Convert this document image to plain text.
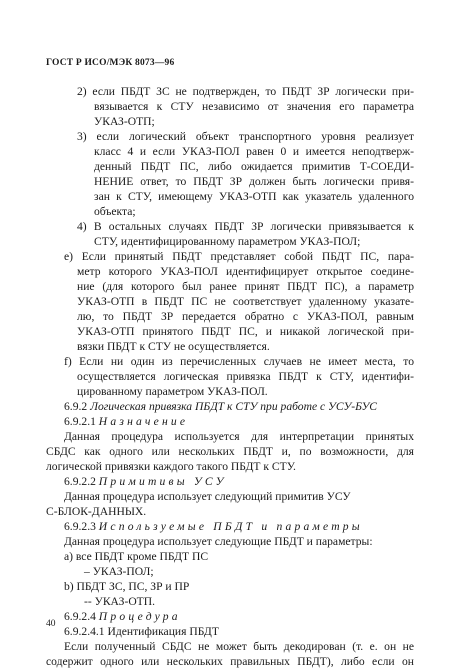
ГОСТ Р ИСО/МЭК 8073—96
2) если ПБДТ ЗС не подтвержден, то ПБДТ ЗР логически при-
вязывается к СТУ независимо от значения его параметра
УКАЗ-ОТП;
3) если логический объект транспортного уровня реализует
класс 4 и если УКАЗ-ПОЛ равен 0 и имеется неподтверж-
денный ПБДТ ПС, либо ожидается примитив Т-СОЕДИ-
НЕНИЕ ответ, то ПБДТ ЗР должен быть логически привя-
зан к СТУ, имеющему УКАЗ-ОТП как указатель удаленного
объекта;
4) В остальных случаях ПБДТ ЗР логически привязывается к
СТУ, идентифицированному параметром УКАЗ-ПОЛ;
e) Если принятый ПБДТ представляет собой ПБДТ ПС, пара-
метр которого УКАЗ-ПОЛ идентифицирует открытое соедине-
ние (для которого был ранее принят ПБДТ ПС), а параметр
УКАЗ-ОТП в ПБДТ ПС не соответствует удаленному указате-
лю, то ПБДТ ЗР передается обратно с УКАЗ-ПОЛ, равным
УКАЗ-ОТП принятого ПБДТ ПС, и никакой логической при-
вязки ПБДТ к СТУ не осуществляется.
f) Если ни один из перечисленных случаев не имеет места, то
осуществляется логическая привязка ПБДТ к СТУ, идентифи-
цированному параметром УКАЗ-ПОЛ.
6.9.2 Логическая привязка ПБДТ к СТУ при работе с УСУ-БУС
6.9.2.1 Назначение
Данная процедура используется для интерпретации принятых
СБДС как одного или нескольких ПБДТ и, по возможности, для
логической привязки каждого такого ПБДТ к СТУ.
6.9.2.2 Примитивы УСУ
Данная процедура использует следующий примитив УСУ
С-БЛОК-ДАННЫХ.
6.9.2.3 Используемые ПБДТ и параметры
Данная процедура использует следующие ПБДТ и параметры:
a) все ПБДТ кроме ПБДТ ПС
– УКАЗ-ПОЛ;
b) ПБДТ ЗС, ПС, ЗР и ПР
-- УКАЗ-ОТП.
6.9.2.4 Процедура
6.9.2.4.1 Идентификация ПБДТ
Если полученный СБДС не может быть декодирован (т. е. он не
содержит одного или нескольких правильных ПБДТ), либо если он
40
